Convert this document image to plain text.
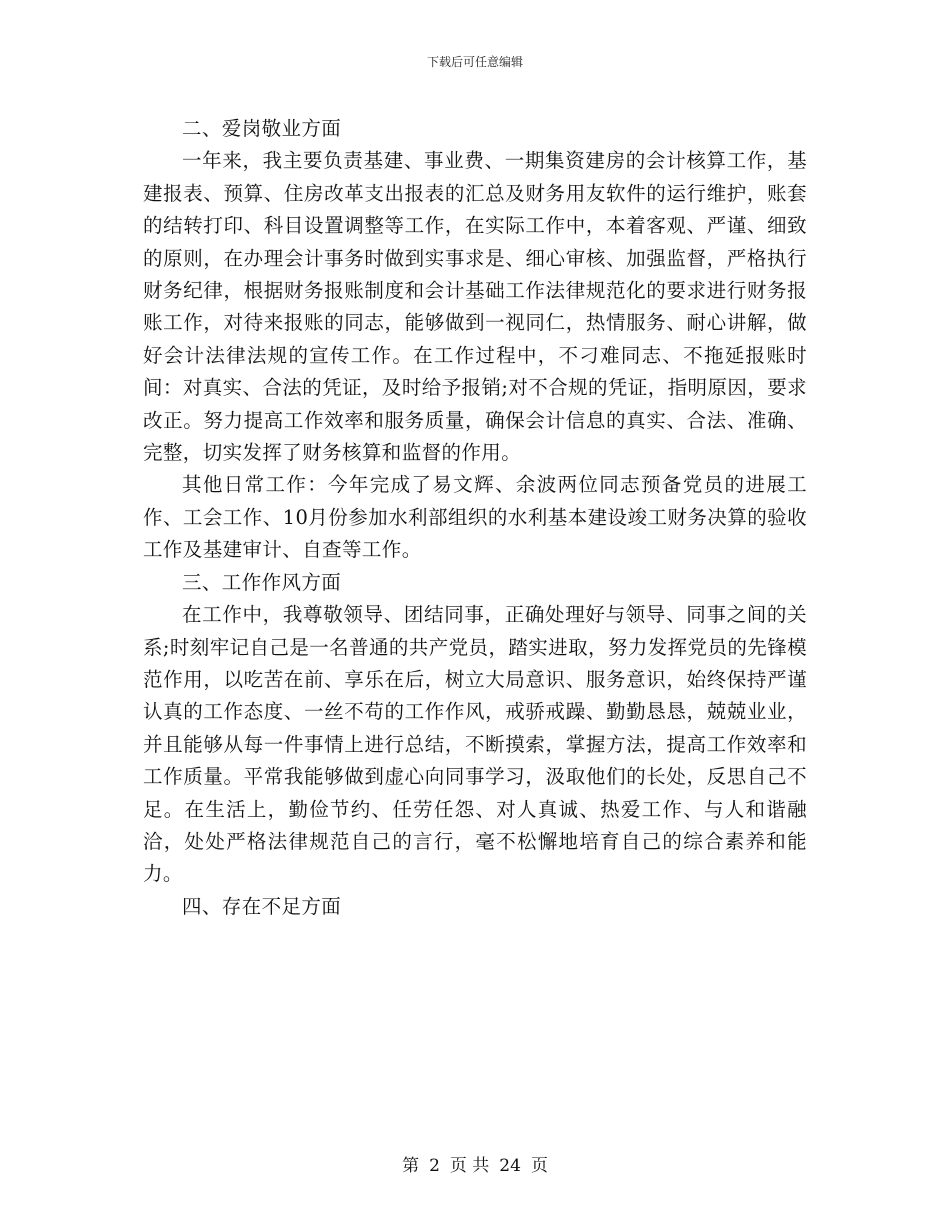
下载后可任意编辑

二、爱岗敬业方面

一年来，我主要负责基建、事业费、一期集资建房的会计核算工作，基建报表、预算、住房改革支出报表的汇总及财务用友软件的运行维护，账套的结转打印、科目设置调整等工作，在实际工作中，本着客观、严谨、细致的原则，在办理会计事务时做到实事求是、细心审核、加强监督，严格执行财务纪律，根据财务报账制度和会计基础工作法律规范化的要求进行财务报账工作，对待来报账的同志，能够做到一视同仁，热情服务、耐心讲解，做好会计法律法规的宣传工作。在工作过程中，不刁难同志、不拖延报账时间：对真实、合法的凭证，及时给予报销;对不合规的凭证，指明原因，要求改正。努力提高工作效率和服务质量，确保会计信息的真实、合法、准确、完整，切实发挥了财务核算和监督的作用。

其他日常工作：今年完成了易文辉、余波两位同志预备党员的进展工作、工会工作、10月份参加水利部组织的水利基本建设竣工财务决算的验收工作及基建审计、自查等工作。

三、工作作风方面

在工作中，我尊敬领导、团结同事，正确处理好与领导、同事之间的关系;时刻牢记自己是一名普通的共产党员，踏实进取，努力发挥党员的先锋模范作用，以吃苦在前、享乐在后，树立大局意识、服务意识，始终保持严谨认真的工作态度、一丝不苟的工作作风，戒骄戒躁、勤勤恳恳，兢兢业业，并且能够从每一件事情上进行总结，不断摸索，掌握方法，提高工作效率和工作质量。平常我能够做到虚心向同事学习，汲取他们的长处，反思自己不足。在生活上，勤俭节约、任劳任怨、对人真诚、热爱工作、与人和谐融洽，处处严格法律规范自己的言行，毫不松懈地培育自己的综合素养和能力。

四、存在不足方面

第 2 页 共 24 页
